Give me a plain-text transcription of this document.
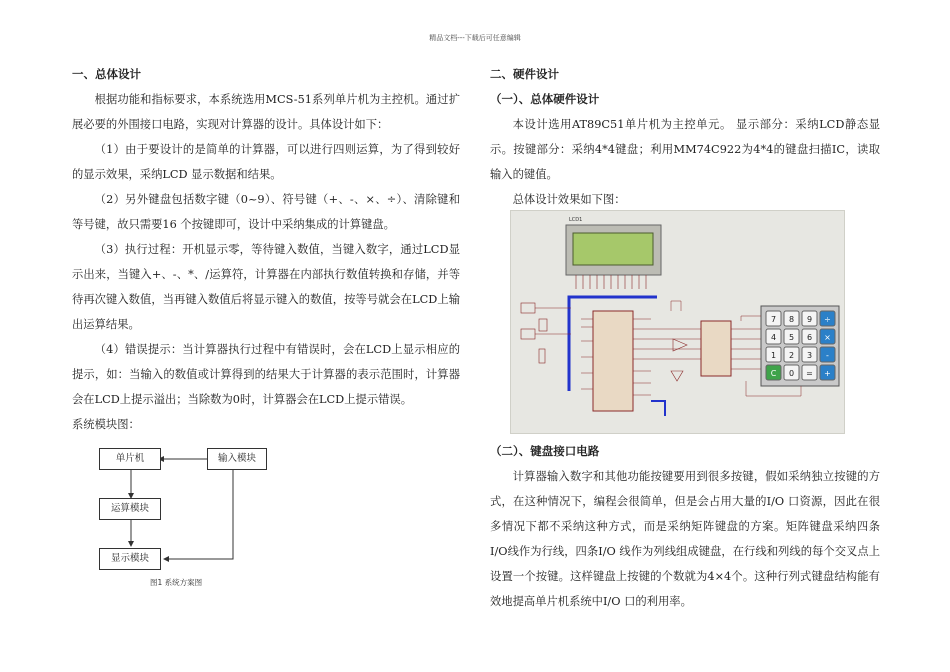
精品文档---下载后可任意编辑
一、总体设计

根据功能和指标要求，本系统选用MCS-51系列单片机为主控机。通过扩展必要的外围接口电路，实现对计算器的设计。具体设计如下：

（1）由于要设计的是简单的计算器，可以进行四则运算，为了得到较好的显示效果，采纳LCD 显示数据和结果。

（2）另外键盘包括数字键（0~9）、符号键（+、-、×、÷）、清除键和等号键，故只需要16 个按键即可，设计中采纳集成的计算键盘。

（3）执行过程：开机显示零，等待键入数值，当键入数字，通过LCD显示出来，当键入+、-、*、/运算符，计算器在内部执行数值转换和存储，并等待再次键入数值，当再键入数值后将显示键入的数值，按等号就会在LCD上输出运算结果。

（4）错误提示：当计算器执行过程中有错误时，会在LCD上显示相应的提示，如：当输入的数值或计算得到的结果大于计算器的表示范围时，计算器会在LCD上提示溢出；当除数为0时，计算器会在LCD上提示错误。

系统模块图：

单片机	输入模块
运算模块
显示模块
图1 系统方案图
二、硬件设计
（一）、总体硬件设计

本设计选用AT89C51单片机为主控单元。 显示部分：采纳LCD静态显示。按键部分：采纳4*4键盘；利用MM74C922为4*4的键盘扫描IC，读取输入的键值。

总体设计效果如下图：

（二）、键盘接口电路

计算器输入数字和其他功能按键要用到很多按键，假如采纳独立按键的方式，在这种情况下，编程会很简单，但是会占用大量的I/O 口资源，因此在很多情况下都不采纳这种方式，而是采纳矩阵键盘的方案。矩阵键盘采纳四条I/O线作为行线，四条I/O 线作为列线组成键盘，在行线和列线的每个交叉点上设置一个按键。这样键盘上按键的个数就为4×4个。这种行列式键盘结构能有效地提高单片机系统中I/O 口的利用率。

LCD1
7 8 9 ÷
4 5 6 ×
1 2 3 -
C 0 = +
